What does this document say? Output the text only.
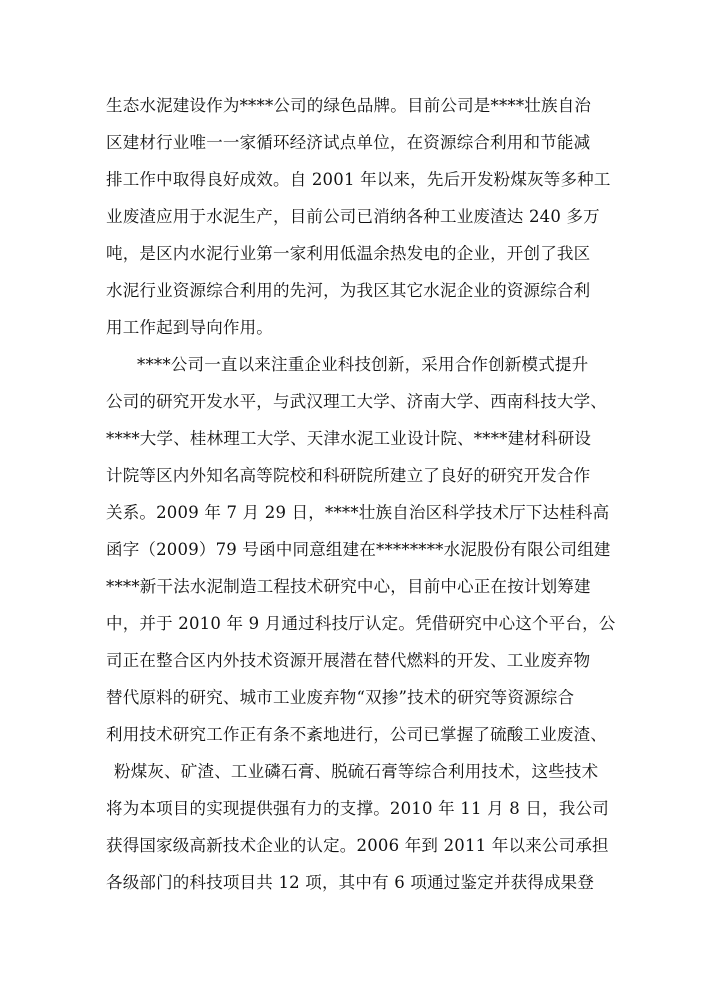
生态水泥建设作为****公司的绿色品牌。目前公司是****壮族自治
区建材行业唯一一家循环经济试点单位，在资源综合利用和节能减
排工作中取得良好成效。自 2001 年以来，先后开发粉煤灰等多种工
业废渣应用于水泥生产，目前公司已消纳各种工业废渣达 240 多万
吨，是区内水泥行业第一家利用低温余热发电的企业，开创了我区
水泥行业资源综合利用的先河，为我区其它水泥企业的资源综合利
用工作起到导向作用。
****公司一直以来注重企业科技创新，采用合作创新模式提升
公司的研究开发水平，与武汉理工大学、济南大学、西南科技大学、
****大学、桂林理工大学、天津水泥工业设计院、****建材科研设
计院等区内外知名高等院校和科研院所建立了良好的研究开发合作
关系。2009 年 7 月 29 日，****壮族自治区科学技术厅下达桂科高
函字（2009）79 号函中同意组建在********水泥股份有限公司组建
****新干法水泥制造工程技术研究中心，目前中心正在按计划筹建
中，并于 2010 年 9 月通过科技厅认定。凭借研究中心这个平台，公
司正在整合区内外技术资源开展潜在替代燃料的开发、工业废弃物
替代原料的研究、城市工业废弃物“双掺”技术的研究等资源综合
利用技术研究工作正有条不紊地进行，公司已掌握了硫酸工业废渣、
粉煤灰、矿渣、工业磷石膏、脱硫石膏等综合利用技术，这些技术
将为本项目的实现提供强有力的支撑。2010 年 11 月 8 日，我公司
获得国家级高新技术企业的认定。2006 年到 2011 年以来公司承担
各级部门的科技项目共 12 项，其中有 6 项通过鉴定并获得成果登
